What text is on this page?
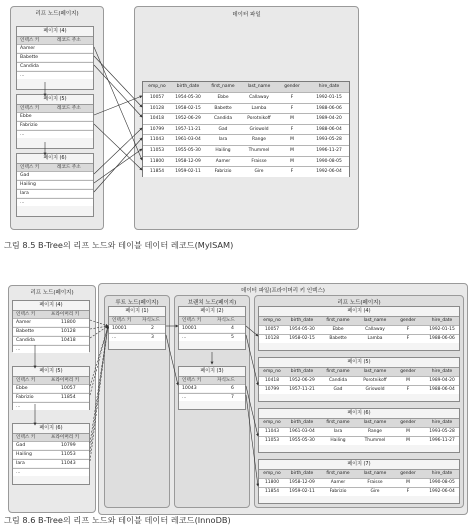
리프 노드(페이지)	데이터 파일
페이지 (4)
인덱스 키	레코드 주소
Aamer
Babette
Candida
...
페이지 (5)
인덱스 키	레코드 주소
Ebbe
Fabrizio
...
페이지 (6)
인덱스 키	레코드 주소
Gad
Hailing
Iara
...
emp_no	birth_date	first_name	last_name	gender	hire_date
10057	1954-05-30	Ebbe	Callaway	F	1992-01-15
10128	1958-02-15	Babette	Lamba	F	1988-06-06
10418	1952-06-29	Candida	Porotnikoff	M	1989-04-20
10799	1957-11-21	Gad	Griswold	F	1988-06-04
11043	1961-03-04	Iara	Range	M	1993-05-28
11053	1955-05-30	Hailing	Thummel	M	1996-11-27
11800	1958-12-09	Aamer	Fraisse	M	1990-08-05
11854	1959-02-11	Fabrizio	Gire	F	1992-06-04
그림 8.5 B-Tree의 리프 노드와 테이블 데이터 레코드(MyISAM)
리프 노드(페이지)	데이터 파일(프라이머리 키 인덱스)
루트 노드(페이지)	브랜치 노드(페이지)	리프 노드(페이지)
페이지 (4)
인덱스 키	프라이머리 키
Aamer	11800
Babette	10128
Candida	10418
...
페이지 (5)
인덱스 키	프라이머리 키
Ebbe	10057
Fabrizio	11854
...
페이지 (6)
인덱스 키	프라이머리 키
Gad	10799
Hailing	11053
Iara	11043
...
페이지 (1)
인덱스 키 자식노드
10001	2
...	3
페이지 (2)
인덱스 키	자식노드
10001	4
...	5
페이지 (3)
인덱스 키	자식노드
10043	6
...	7
페이지 (4)
emp_no	birth_date	first_name	last_name	gender	hire_date
10057	1954-05-30	Ebbe	Callaway	F	1992-01-15
10128	1958-02-15	Babette	Lamba	F	1988-06-06
페이지 (5)
emp_no	birth_date	first_name	last_name	gender	hire_date
10418	1952-06-29	Candida	Porotnikoff	M	1989-04-20
10799	1957-11-21	Gad	Griswold	F	1988-06-04
페이지 (6)
emp_no	birth_date	first_name	last_name	gender	hire_date
11043	1961-03-04	Iara	Range	M	1993-05-28
11053	1955-05-30	Hailing	Thummel	M	1996-11-27
페이지 (7)
emp_no	birth_date	first_name	last_name	gender	hire_date
11800	1958-12-09	Aamer	Fraisse	M	1990-08-05
11854	1959-02-11	Fabrizio	Gire	F	1992-06-04
그림 8.6 B-Tree의 리프 노드와 테이블 데이터 레코드(InnoDB)
